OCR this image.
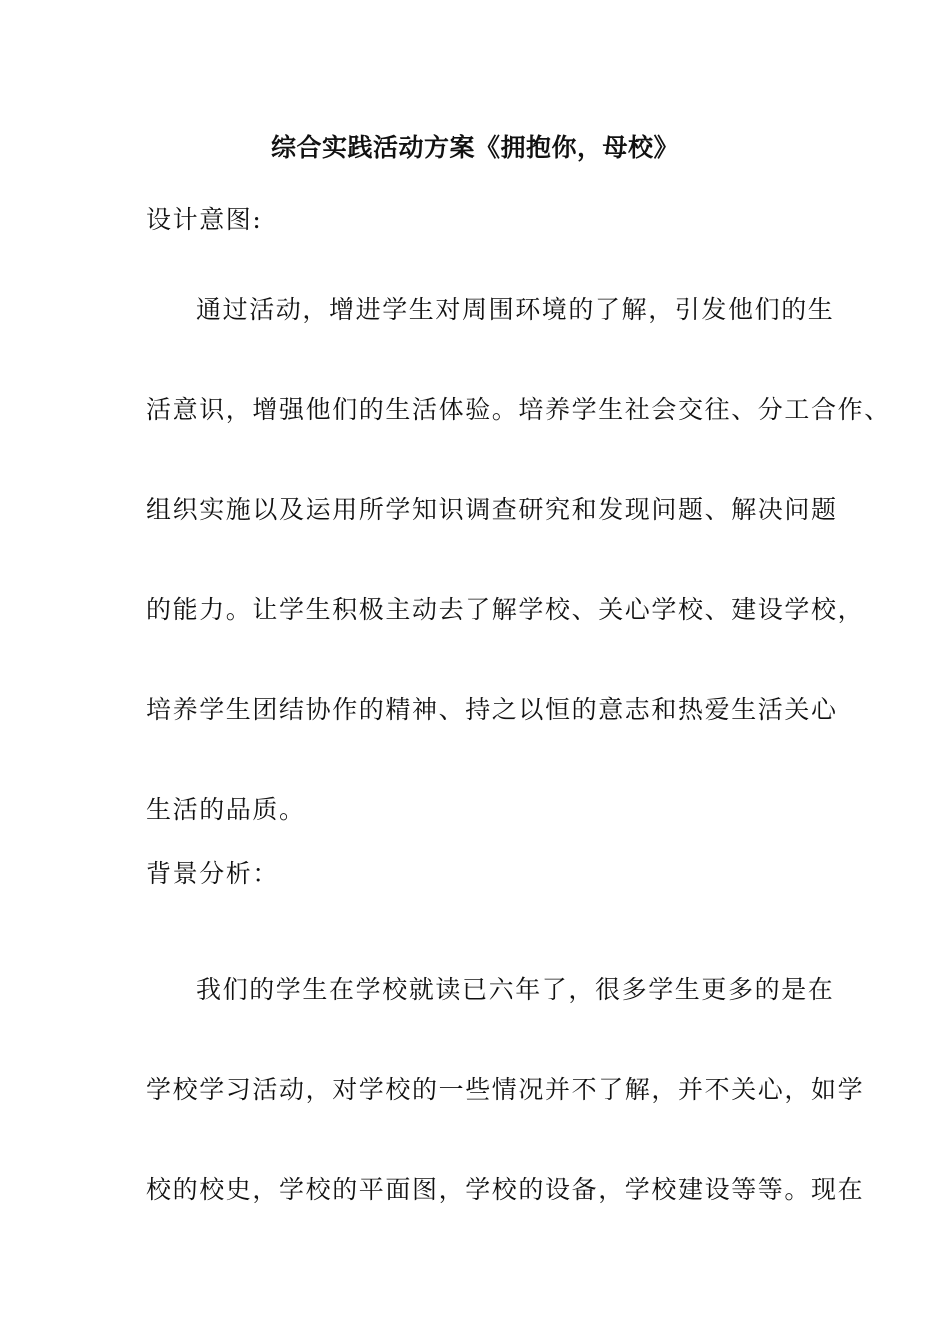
综合实践活动方案《拥抱你，母校》
设计意图:
通过活动，增进学生对周围环境的了解，引发他们的生
活意识，增强他们的生活体验。培养学生社会交往、分工合作、
组织实施以及运用所学知识调查研究和发现问题、解决问题
的能力。让学生积极主动去了解学校、关心学校、建设学校，
培养学生团结协作的精神、持之以恒的意志和热爱生活关心
生活的品质。
背景分析：
我们的学生在学校就读已六年了，很多学生更多的是在
学校学习活动，对学校的一些情况并不了解，并不关心，如学
校的校史，学校的平面图，学校的设备，学校建设等等。现在
